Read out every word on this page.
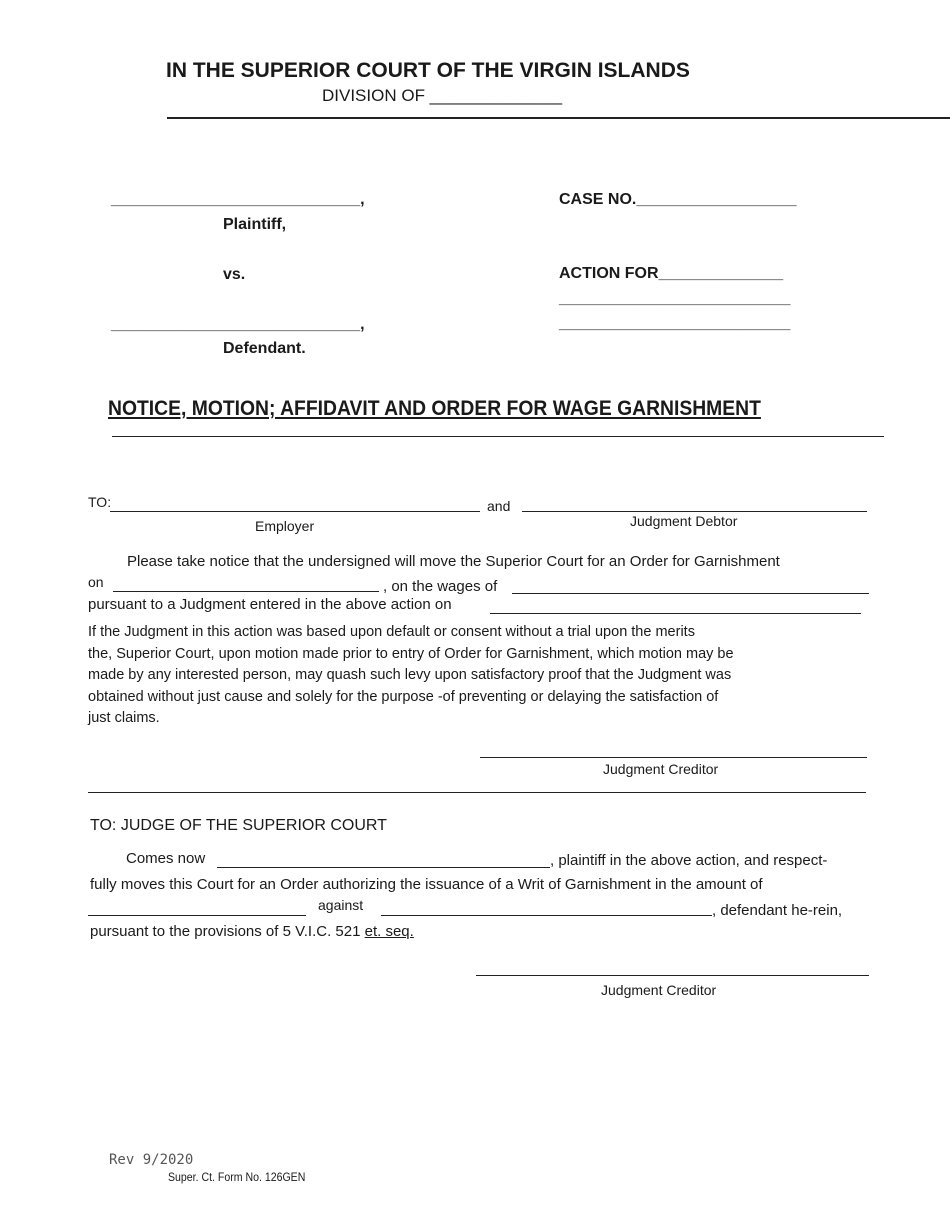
IN THE SUPERIOR COURT OF THE VIRGIN ISLANDS
DIVISION OF ______________
____________________________,
Plaintiff,
vs.
____________________________,
Defendant.
CASE NO.__________________
ACTION FOR______________
__________________________
__________________________
NOTICE, MOTION; AFFIDAVIT AND ORDER FOR WAGE GARNISHMENT
TO:	and
Employer	Judgment Debtor
Please take notice that the undersigned will move the Superior Court for an Order for Garnishment
on	, on the wages of
pursuant to a Judgment entered in the above action on
If the Judgment in this action was based upon default or consent without a trial upon the merits
the, Superior Court, upon motion made prior to entry of Order for Garnishment, which motion may be
made by any interested person, may quash such levy upon satisfactory proof that the Judgment was
obtained without just cause and solely for the purpose -of preventing or delaying the satisfaction of
just claims.
Judgment Creditor
TO: JUDGE OF THE SUPERIOR COURT
Comes now	, plaintiff in the above action, and respect-
fully moves this Court for an Order authorizing the issuance of a Writ of Garnishment in the amount of
against	, defendant he-rein,
pursuant to the provisions of 5 V.I.C. 521 et. seq.
Judgment Creditor
Rev 9/2020
Super. Ct. Form No. 126GEN
